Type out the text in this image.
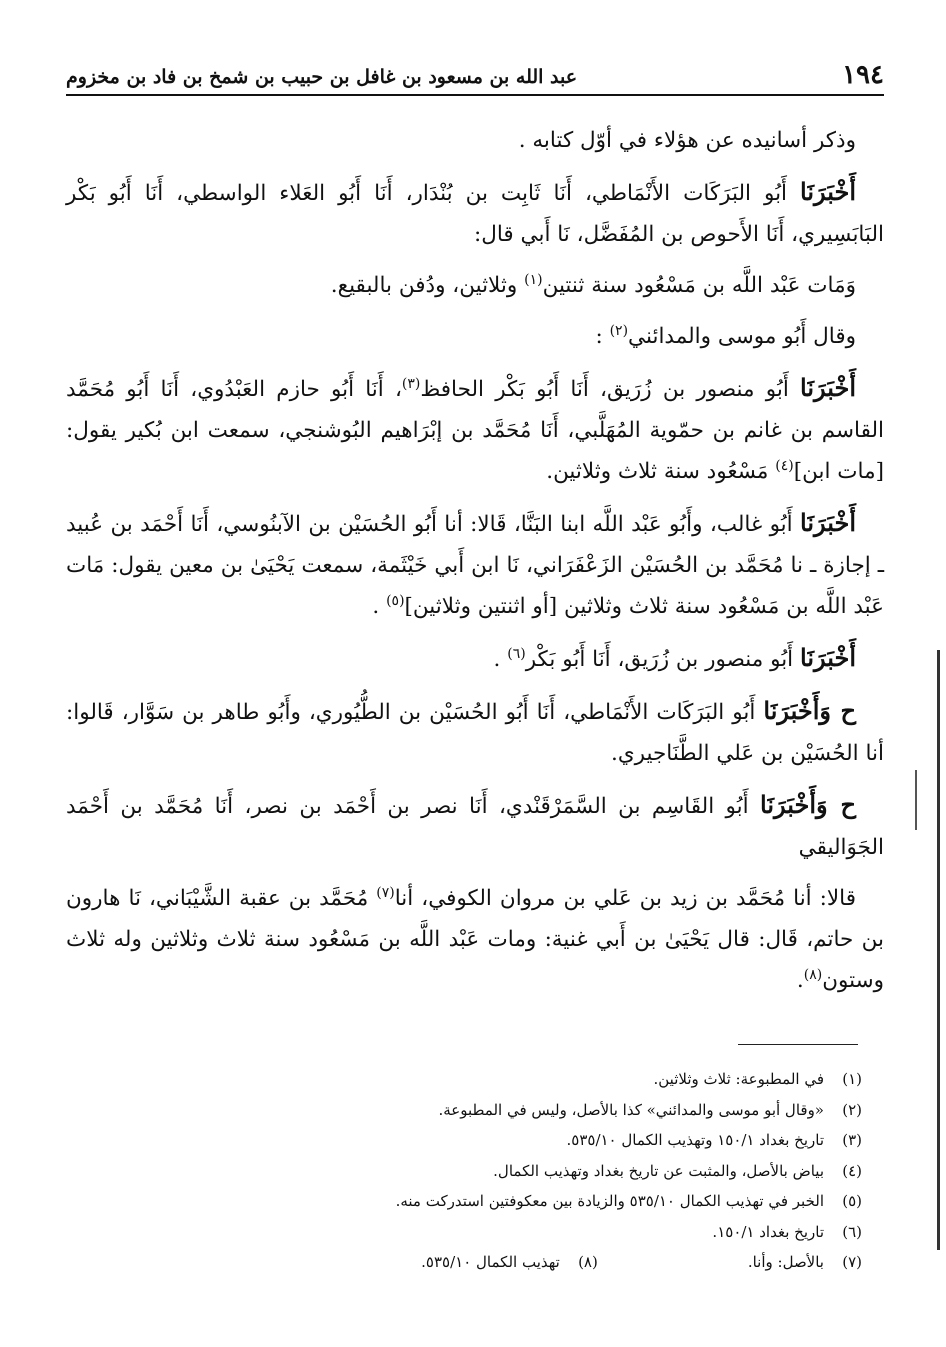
١٩٤
عبد الله بن مسعود بن غافل بن حبيب بن شمخ بن فاد بن مخزوم

وذكر أسانيده عن هؤلاء في أوّل كتابه .

أَخْبَرَنَا أَبُو البَرَكَات الأَنْمَاطي، أَنَا ثَابِت بن بُنْدَار، أَنَا أَبُو العَلاء الواسطي، أَنَا أَبُو بَكْر البَابَسِيري، أَنَا الأَحوص بن المُفَضَّل، نَا أَبي قال:

وَمَات عَبْد اللَّه بن مَسْعُود سنة ثنتين$^{(١)}$ وثلاثين، ودُفن بالبقيع.

وقال أَبُو موسى والمدائني$^{(٢)}$ :

أَخْبَرَنَا أَبُو منصور بن زُرَيق، أَنَا أَبُو بَكْر الحافظ$^{(٣)}$، أَنَا أَبُو حازم العَبْدُوي، أَنَا أَبُو مُحَمَّد القاسم بن غانم بن حمّوية المُهَلَّبي، أَنَا مُحَمَّد بن إبْرَاهيم البُوشنجي، سمعت ابن بُكير يقول: [مات ابن]$^{(٤)}$ مَسْعُود سنة ثلاث وثلاثين.

أَخْبَرَنَا أَبُو غالب، وأَبُو عَبْد اللَّه ابنا البَنَّا، قَالا: أنا أَبُو الحُسَيْن بن الآبنُوسي، أَنَا أَحْمَد بن عُبيد ـ إجازة ـ نا مُحَمَّد بن الحُسَيْن الزَعْفَرَاني، نَا ابن أَبي خَيْثَمة، سمعت يَحْيَىٰ بن معين يقول: مَات عَبْد اللَّه بن مَسْعُود سنة ثلاث وثلاثين [أو اثنتين وثلاثين]$^{(٥)}$ .

أَخْبَرَنَا أَبُو منصور بن زُرَيق، أَنَا أَبُو بَكْر$^{(٦)}$ .

ح وَأَخْبَرَنَا أَبُو البَرَكَات الأَنْمَاطي، أَنَا أَبُو الحُسَيْن بن الطُّيُوري، وأَبُو طاهر بن سَوَّار، قَالوا: أنا الحُسَيْن بن عَلي الطَّنَاجيري.

ح وَأَخْبَرَنَا أَبُو القَاسِم بن السَّمَرْقَنْدي، أَنَا نصر بن أَحْمَد بن نصر، أَنَا مُحَمَّد بن أَحْمَد الجَوَاليقي

قالا: أنا مُحَمَّد بن زيد بن عَلي بن مروان الكوفي، أنا$^{(٧)}$ مُحَمَّد بن عقبة الشَّيْبَاني، نَا هارون بن حاتم، قَال: قال يَحْيَىٰ بن أَبي غنية: ومات عَبْد اللَّه بن مَسْعُود سنة ثلاث وثلاثين وله ثلاث وستون$^{(٨)}$.

(١)
في المطبوعة: ثلاث وثلاثين.
(٢)
«وقال أبو موسى والمدائني» كذا بالأصل، وليس في المطبوعة.
(٣)
تاريخ بغداد ١٥٠/١ وتهذيب الكمال ٥٣٥/١٠.
(٤)
بياض بالأصل، والمثبت عن تاريخ بغداد وتهذيب الكمال.
(٥)
الخبر في تهذيب الكمال ٥٣٥/١٠ والزيادة بين معكوفتين استدركت منه.
(٦)
تاريخ بغداد ١٥٠/١.
(٧)
بالأصل: وأنا.
(٨)
تهذيب الكمال ٥٣٥/١٠.
